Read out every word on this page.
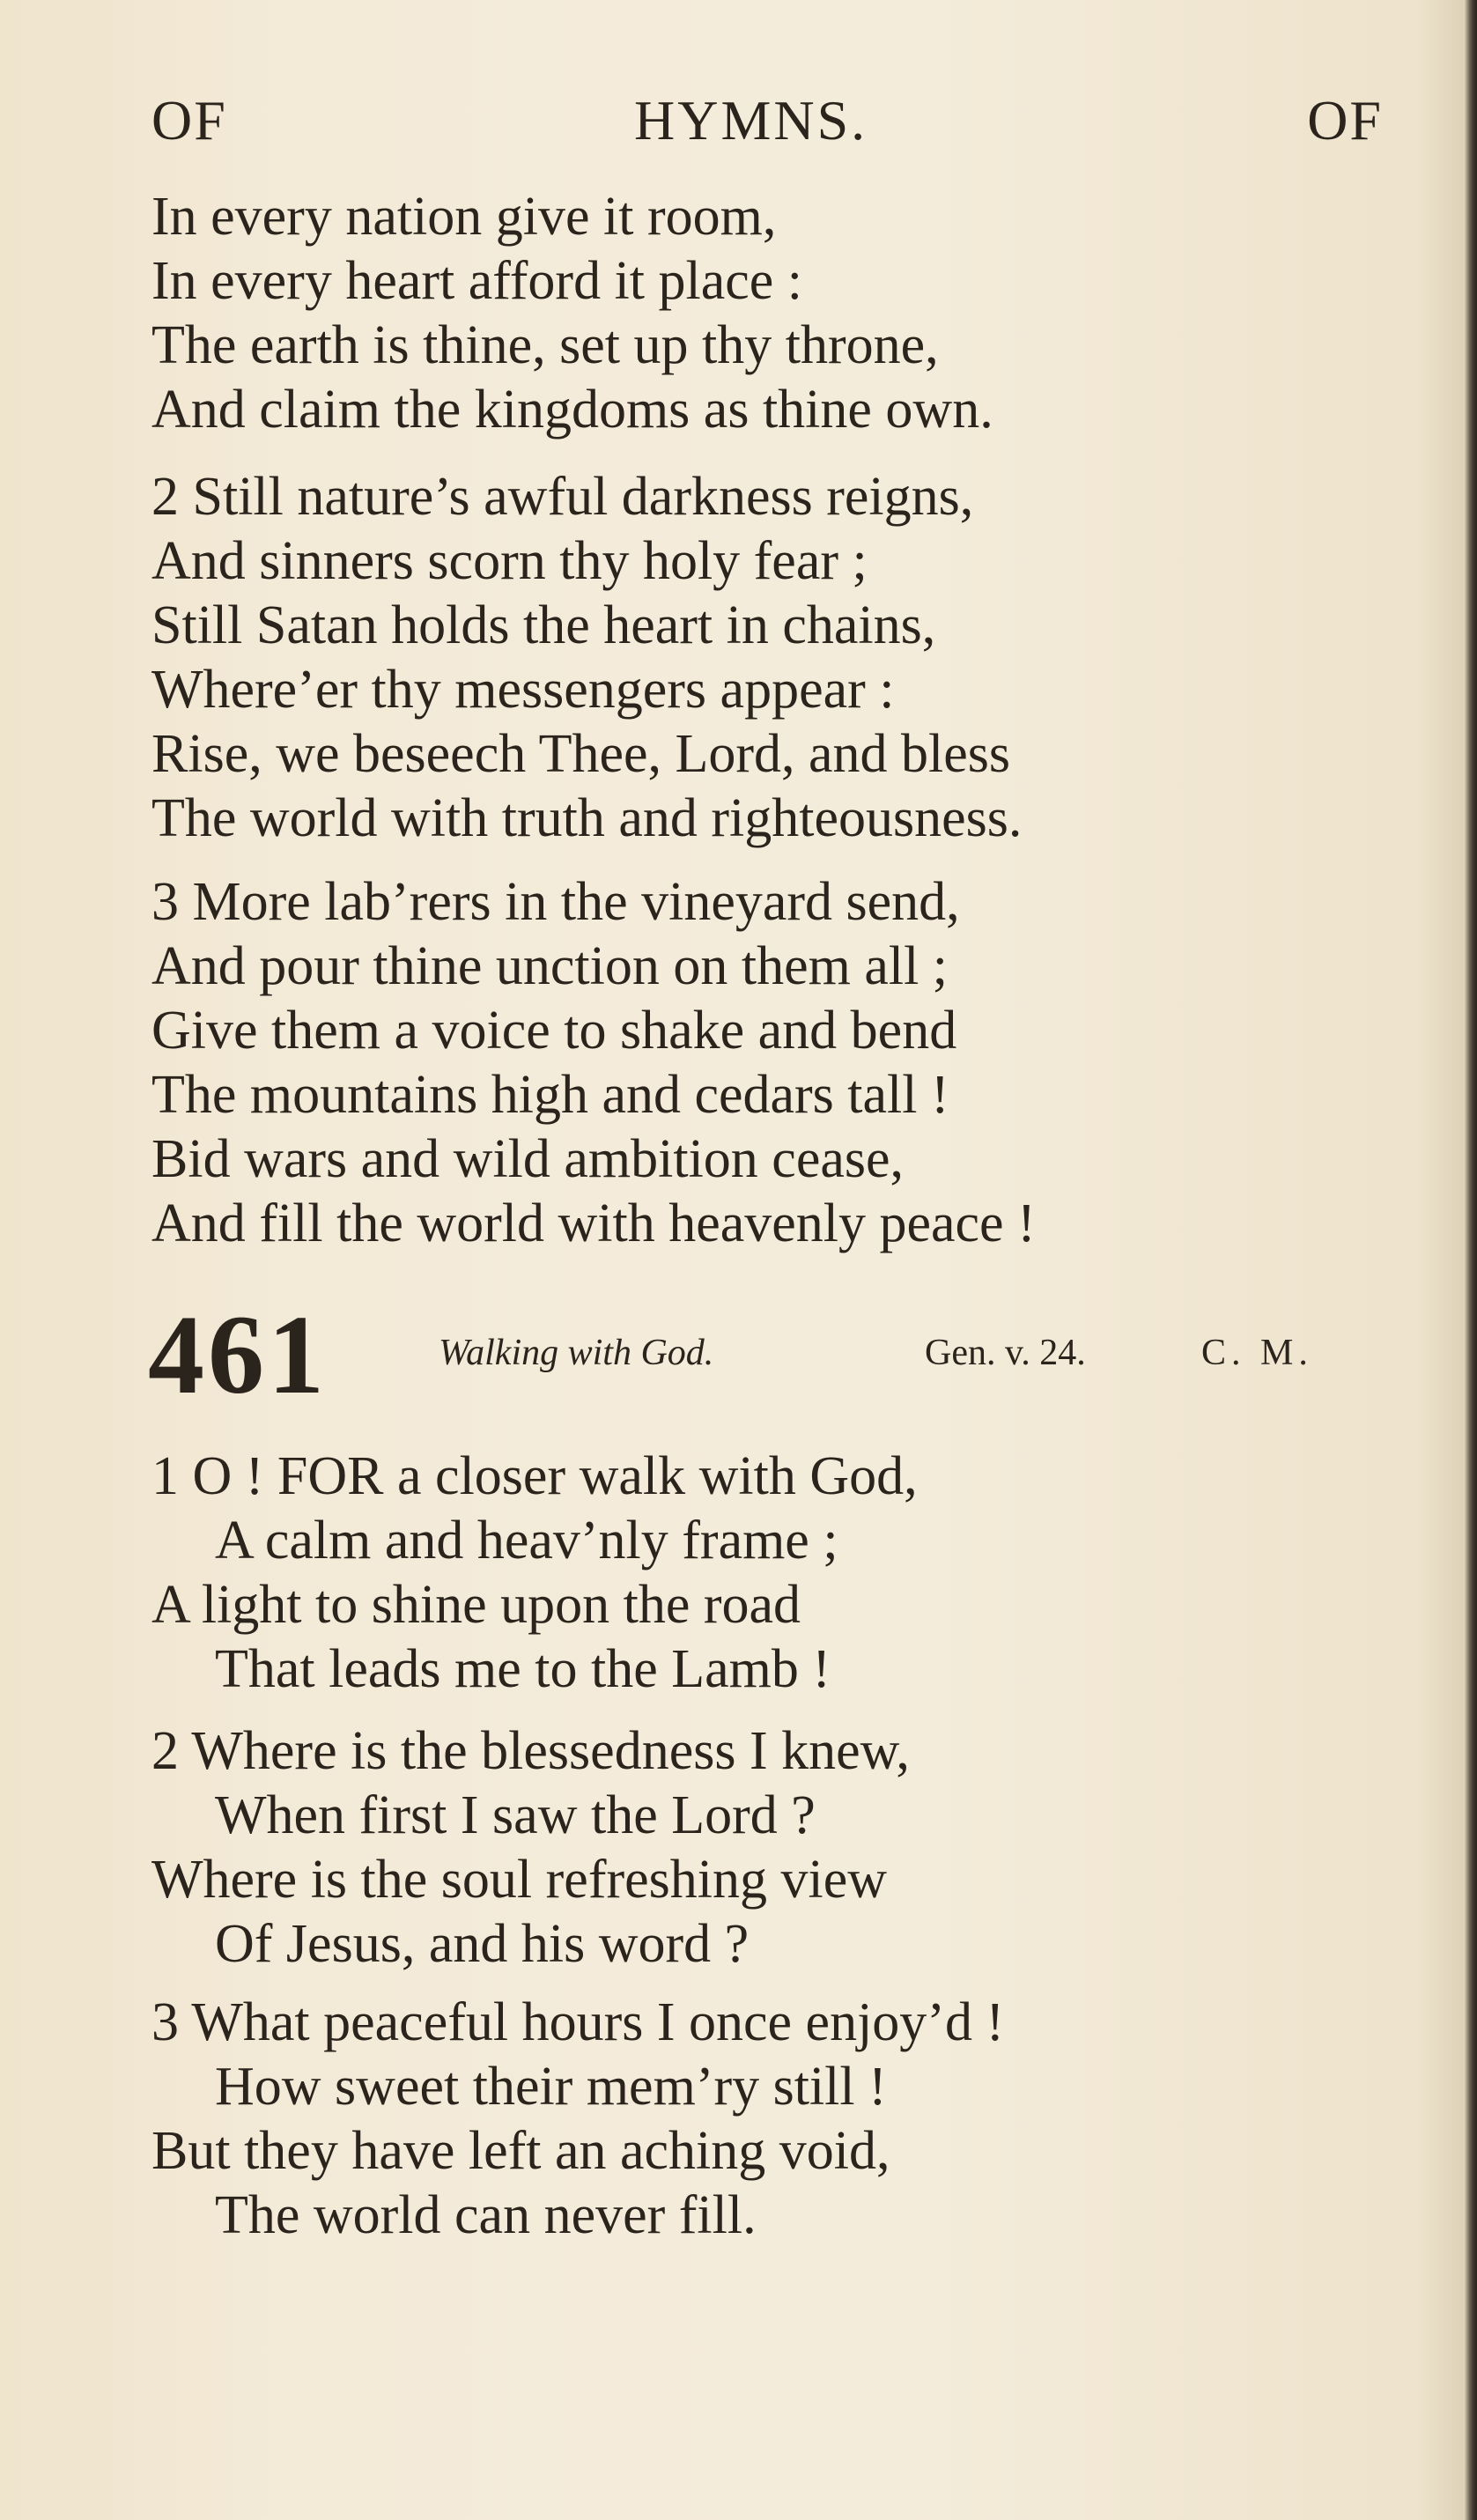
OF	HYMNS.	OF
In every nation give it room,
In every heart afford it place :
The earth is thine, set up thy throne,
And claim the kingdoms as thine own.
2 Still nature’s awful darkness reigns,
And sinners scorn thy holy fear ;
Still Satan holds the heart in chains,
Where’er thy messengers appear :
Rise, we beseech Thee, Lord, and bless
The world with truth and righteousness.
3 More lab’rers in the vineyard send,
And pour thine unction on them all ;
Give them a voice to shake and bend
The mountains high and cedars tall !
Bid wars and wild ambition cease,
And fill the world with heavenly peace !
461	Walking with God.	Gen. v. 24.	C. M.
1 O ! FOR a closer walk with God,
A calm and heav’nly frame ;
A light to shine upon the road
That leads me to the Lamb !
2 Where is the blessedness I knew,
When first I saw the Lord ?
Where is the soul refreshing view
Of Jesus, and his word ?
3 What peaceful hours I once enjoy’d !
How sweet their mem’ry still !
But they have left an aching void,
The world can never fill.
